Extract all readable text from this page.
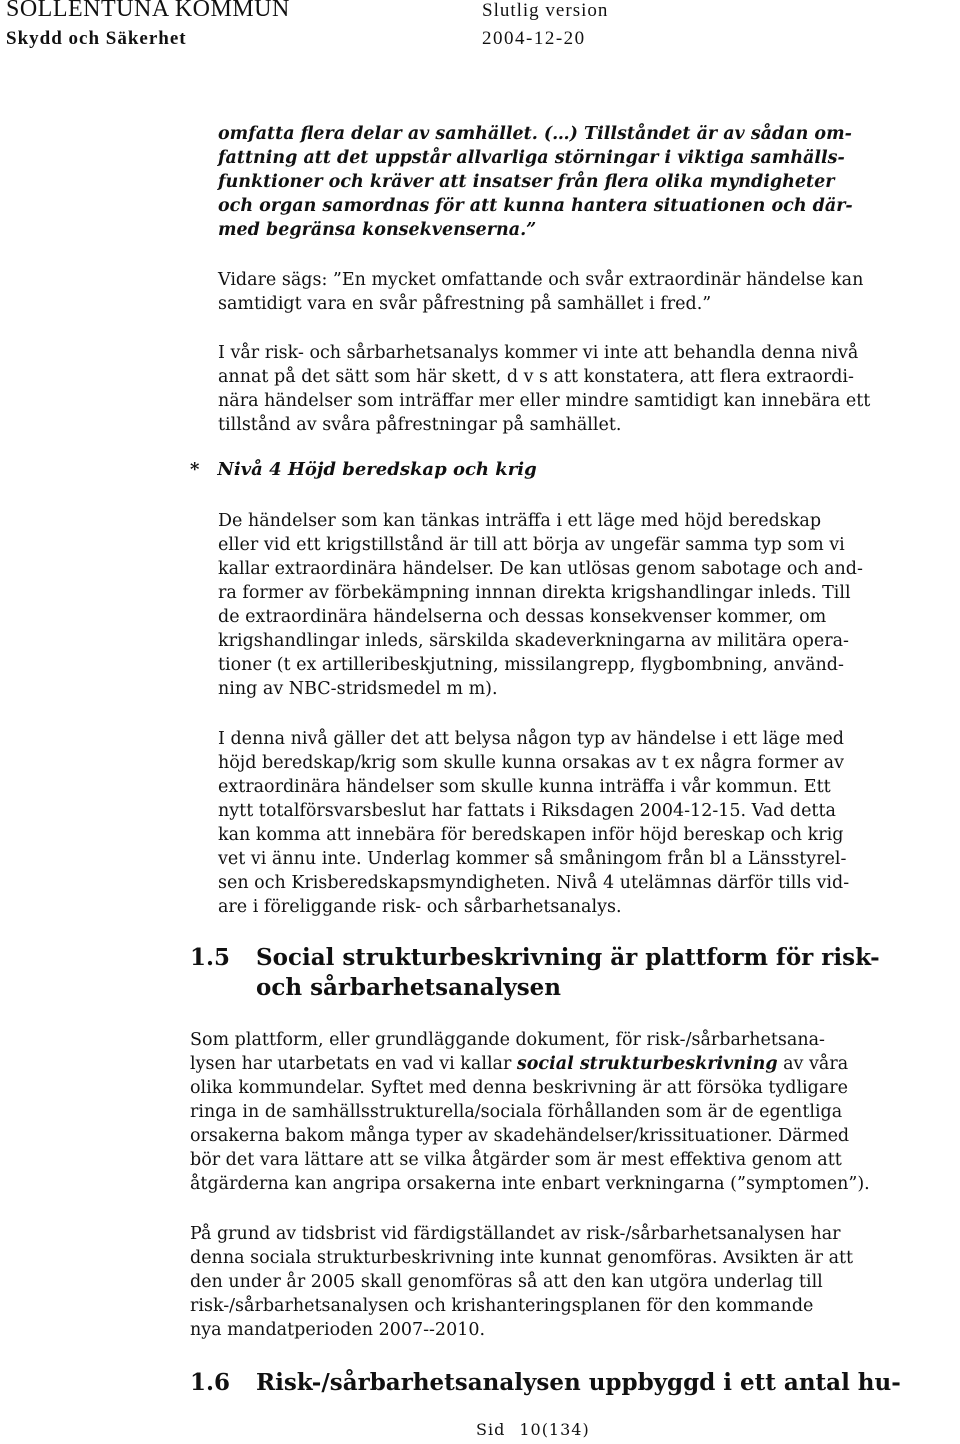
SOLLENTUNA KOMMUN
Skydd och Säkerhet
Slutlig version
2004-12-20
omfatta flera delar av samhället. (…) Tillståndet är av sådan om-
fattning att det uppstår allvarliga störningar i viktiga samhälls-
funktioner och kräver att insatser från flera olika myndigheter
och organ samordnas för att kunna hantera situationen och där-
med begränsa konsekvenserna.”
Vidare sägs: ”En mycket omfattande och svår extraordinär händelse kan
samtidigt vara en svår påfrestning på samhället i fred.”
I vår risk- och sårbarhetsanalys kommer vi inte att behandla denna nivå
annat på det sätt som här skett, d v s att konstatera, att flera extraordi-
nära händelser som inträffar mer eller mindre samtidigt kan innebära ett
tillstånd av svåra påfrestningar på samhället.
* Nivå 4 Höjd beredskap och krig
De händelser som kan tänkas inträffa i ett läge med höjd beredskap
eller vid ett krigstillstånd är till att börja av ungefär samma typ som vi
kallar extraordinära händelser. De kan utlösas genom sabotage och and-
ra former av förbekämpning innnan direkta krigshandlingar inleds. Till
de extraordinära händelserna och dessas konsekvenser kommer, om
krigshandlingar inleds, särskilda skadeverkningarna av militära opera-
tioner (t ex artilleribeskjutning, missilangrepp, flygbombning, använd-
ning av NBC-stridsmedel m m).
I denna nivå gäller det att belysa någon typ av händelse i ett läge med
höjd beredskap/krig som skulle kunna orsakas av t ex några former av
extraordinära händelser som skulle kunna inträffa i vår kommun. Ett
nytt totalförsvarsbeslut har fattats i Riksdagen 2004-12-15. Vad detta
kan komma att innebära för beredskapen inför höjd bereskap och krig
vet vi ännu inte. Underlag kommer så småningom från bl a Länsstyrel-
sen och Krisberedskapsmyndigheten. Nivå 4 utelämnas därför tills vid-
are i föreliggande risk- och sårbarhetsanalys.
1.5 Social strukturbeskrivning är plattform för risk-
och sårbarhetsanalysen
Som plattform, eller grundläggande dokument, för risk-/sårbarhetsana-
lysen har utarbetats en vad vi kallar social strukturbeskrivning av våra
olika kommundelar. Syftet med denna beskrivning är att försöka tydligare
ringa in de samhällsstrukturella/sociala förhållanden som är de egentliga
orsakerna bakom många typer av skadehändelser/krissituationer. Därmed
bör det vara lättare att se vilka åtgärder som är mest effektiva genom att
åtgärderna kan angripa orsakerna inte enbart verkningarna (”symptomen”).
På grund av tidsbrist vid färdigställandet av risk-/sårbarhetsanalysen har
denna sociala strukturbeskrivning inte kunnat genomföras. Avsikten är att
den under år 2005 skall genomföras så att den kan utgöra underlag till
risk-/sårbarhetsanalysen och krishanteringsplanen för den kommande
nya mandatperioden 2007--2010.
1.6 Risk-/sårbarhetsanalysen uppbyggd i ett antal hu-
Sid 10(134)
